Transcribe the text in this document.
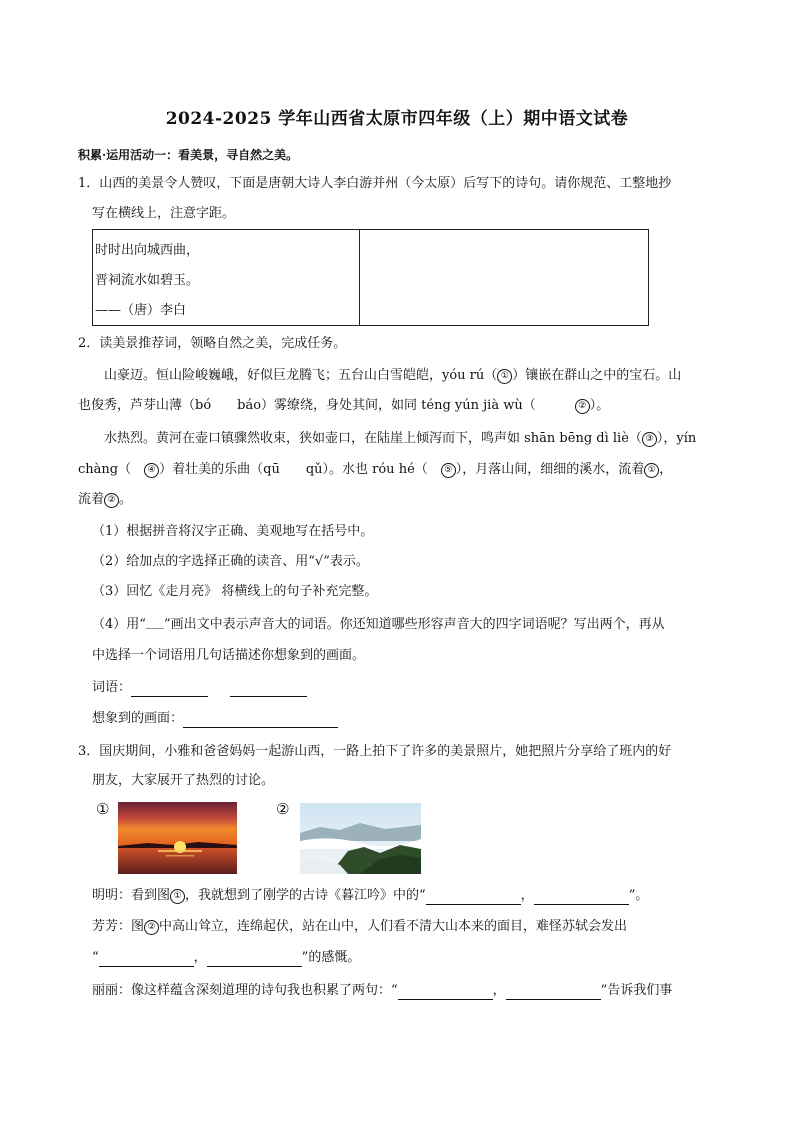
2024-2025 学年山西省太原市四年级（上）期中语文试卷
积累·运用活动一：看美景，寻自然之美。
1．山西的美景令人赞叹，下面是唐朝大诗人李白游并州（今太原）后写下的诗句。请你规范、工整地抄
写在横线上，注意字距。

时时出向城西曲，
晋祠流水如碧玉。
——（唐）李白
2．读美景推荐词，领略自然之美，完成任务。
山豪迈。恒山险峻巍峨，好似巨龙腾飞；五台山白雪皑皑，yóu rú（ ① ）镶嵌在群山之中的宝石。山
也俊秀，芦芽山薄（bó　　báo）雾缭绕，身处其间，如同 téng yún jià wù（　　　	② ）。
水热烈。黄河在壶口镇骤然收束，狭如壶口，在陆崖上倾泻而下，鸣声如 shān bēng dì liè（ ③ ），yín
chàng（　 ④ ）着壮美的乐曲（qū　　qǔ）。水也 róu hé（　 ⑤ ），月落山间，细细的溪水，流着 ① ，
流着 ② 。
（1）根据拼音将汉字正确、美观地写在括号中。
（2）给加点的字选择正确的读音、用“√”表示。
（3）回忆《走月亮》 将横线上的句子补充完整。
（4）用“﹏﹏”画出文中表示声音大的词语。你还知道哪些形容声音大的四字词语呢？写出两个，再从
中选择一个词语用几句话描述你想象到的画面。
词语：
想象到的画面：
3．国庆期间，小雅和爸爸妈妈一起游山西，一路上拍下了许多的美景照片，她把照片分享给了班内的好
朋友，大家展开了热烈的讨论。
①	②
明明：看到图 ① ，我就想到了刚学的古诗《暮江吟》中的“	，	”。
芳芳：图 ② 中高山耸立，连绵起伏，站在山中，人们看不清大山本来的面目，难怪苏轼会发出
“	，	”的感慨。
丽丽：像这样蕴含深刻道理的诗句我也积累了两句：“	，	”告诉我们事
